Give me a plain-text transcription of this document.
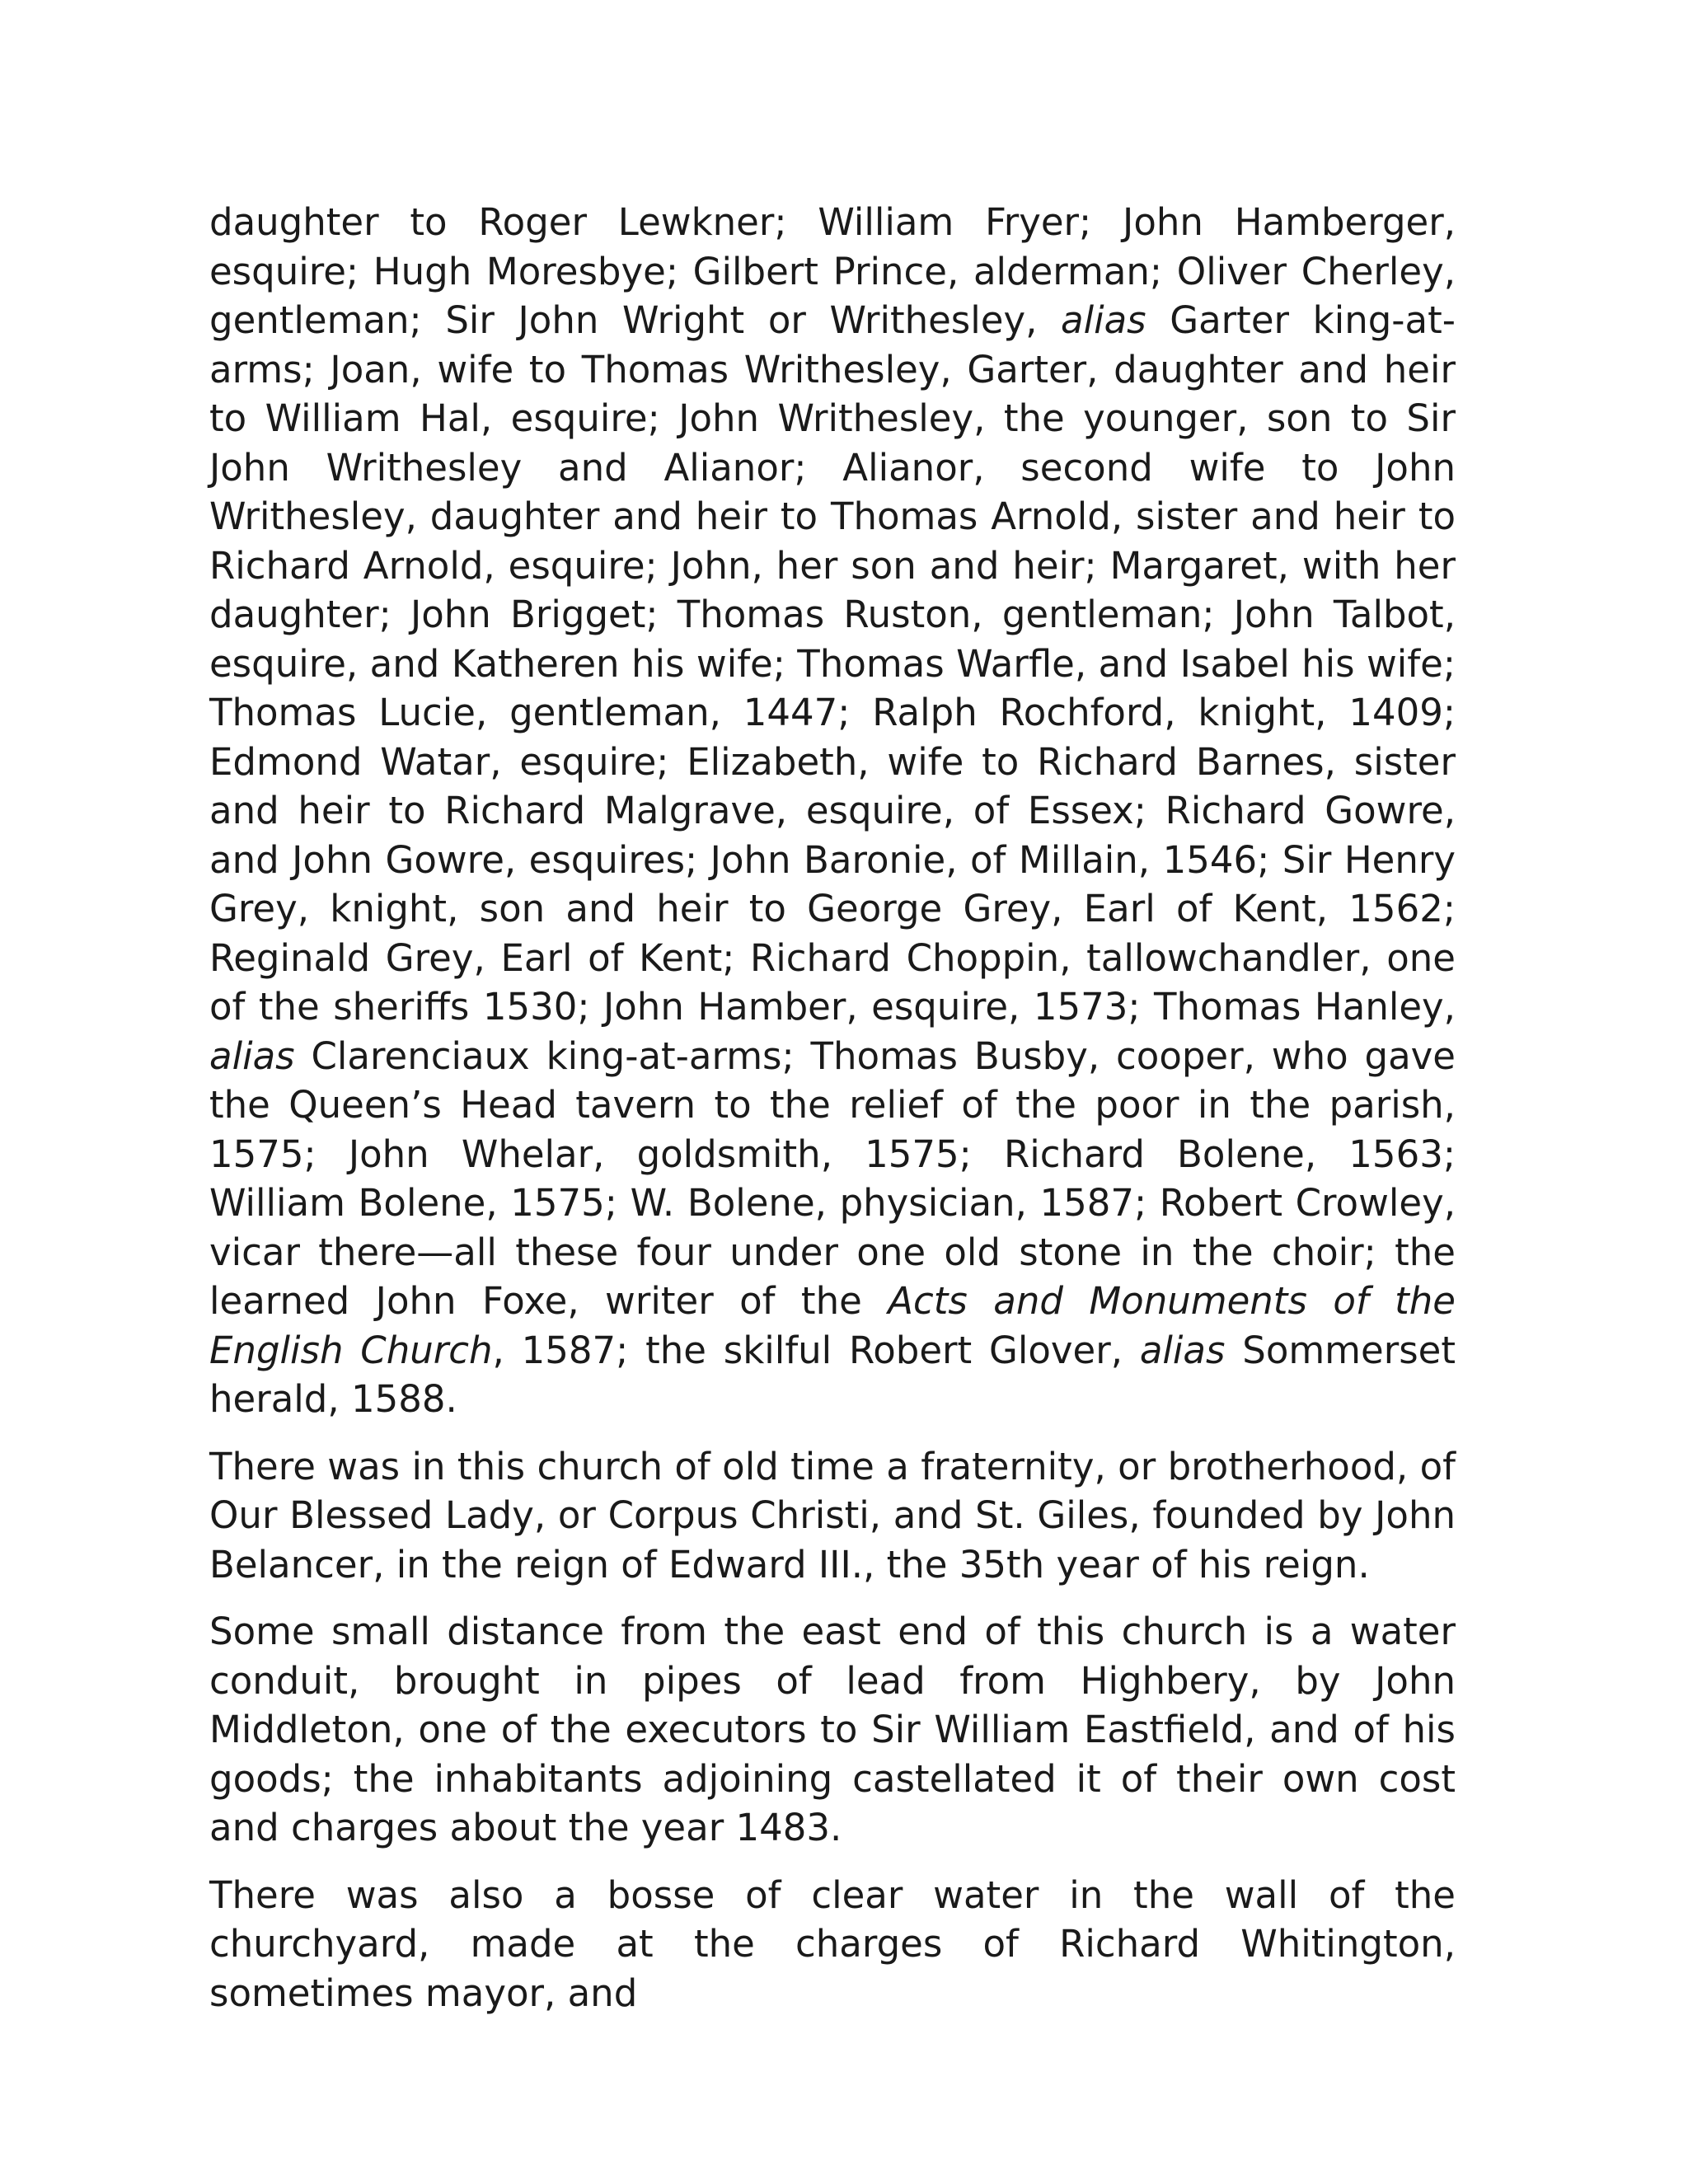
daughter to Roger Lewkner; William Fryer; John Hamberger, esquire; Hugh Moresbye; Gilbert Prince, alderman; Oliver Cherley, gentleman; Sir John Wright or Writhesley, alias Garter king-at-arms; Joan, wife to Thomas Writhesley, Garter, daughter and heir to William Hal, esquire; John Writhesley, the younger, son to Sir John Writhesley and Alianor; Alianor, second wife to John Writhesley, daughter and heir to Thomas Arnold, sister and heir to Richard Arnold, esquire; John, her son and heir; Margaret, with her daughter; John Brigget; Thomas Ruston, gentleman; John Talbot, esquire, and Katheren his wife; Thomas Warfle, and Isabel his wife; Thomas Lucie, gentleman, 1447; Ralph Rochford, knight, 1409; Edmond Watar, esquire; Elizabeth, wife to Richard Barnes, sister and heir to Richard Malgrave, esquire, of Essex; Richard Gowre, and John Gowre, esquires; John Baronie, of Millain, 1546; Sir Henry Grey, knight, son and heir to George Grey, Earl of Kent, 1562; Reginald Grey, Earl of Kent; Richard Choppin, tallowchandler, one of the sheriffs 1530; John Hamber, esquire, 1573; Thomas Hanley, alias Clarenciaux king-at-arms; Thomas Busby, cooper, who gave the Queen’s Head tavern to the relief of the poor in the parish, 1575; John Whelar, goldsmith, 1575; Richard Bolene, 1563; William Bolene, 1575; W. Bolene, physician, 1587; Robert Crowley, vicar there—all these four under one old stone in the choir; the learned John Foxe, writer of the Acts and Monuments of the English Church, 1587; the skilful Robert Glover, alias Sommerset herald, 1588.

There was in this church of old time a fraternity, or brotherhood, of Our Blessed Lady, or Corpus Christi, and St. Giles, founded by John Belancer, in the reign of Edward III., the 35th year of his reign.

Some small distance from the east end of this church is a water conduit, brought in pipes of lead from Highbery, by John Middleton, one of the executors to Sir William Eastfield, and of his goods; the inhabitants adjoining castellated it of their own cost and charges about the year 1483.

There was also a bosse of clear water in the wall of the churchyard, made at the charges of Richard Whitington, sometimes mayor, and
